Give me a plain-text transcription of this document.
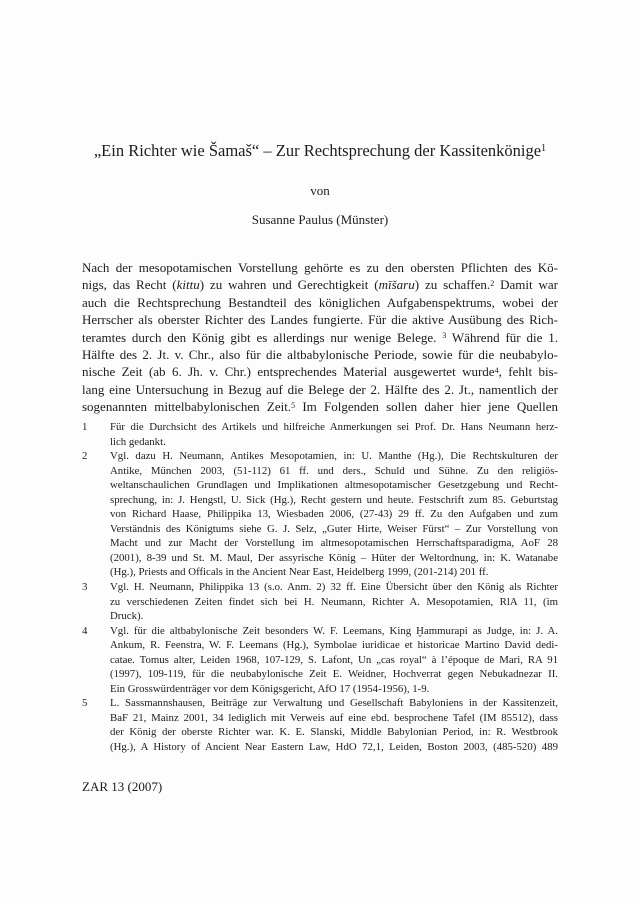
„Ein Richter wie Šamaš“ – Zur Rechtsprechung der Kassitenkönige$^1$
von
Susanne Paulus (Münster)
Nach der mesopotamischen Vorstellung gehörte es zu den obersten Pflichten des Kö-
nigs, das Recht (kittu) zu wahren und Gerechtigkeit (mīšaru) zu schaffen.$^2$ Damit war
auch die Rechtsprechung Bestandteil des königlichen Aufgabenspektrums, wobei der
Herrscher als oberster Richter des Landes fungierte. Für die aktive Ausübung des Rich-
teramtes durch den König gibt es allerdings nur wenige Belege. $^3$ Während für die 1.
Hälfte des 2. Jt. v. Chr., also für die altbabylonische Periode, sowie für die neubabylo-
nische Zeit (ab 6. Jh. v. Chr.) entsprechendes Material ausgewertet wurde$^4$, fehlt bis-
lang eine Untersuchung in Bezug auf die Belege der 2. Hälfte des 2. Jt., namentlich der
sogenannten mittelbabylonischen Zeit.$^5$ Im Folgenden sollen daher hier jene Quellen
1 Für die Durchsicht des Artikels und hilfreiche Anmerkungen sei Prof. Dr. Hans Neumann herz-
lich gedankt.
2 Vgl. dazu H. Neumann, Antikes Mesopotamien, in: U. Manthe (Hg.), Die Rechtskulturen der
Antike, München 2003, (51-112) 61 ff. und ders., Schuld und Sühne. Zu den religiös-
weltanschaulichen Grundlagen und Implikationen altmesopotamischer Gesetzgebung und Recht-
sprechung, in: J. Hengstl, U. Sick (Hg.), Recht gestern und heute. Festschrift zum 85. Geburtstag
von Richard Haase, Philippika 13, Wiesbaden 2006, (27-43) 29 ff. Zu den Aufgaben und zum
Verständnis des Königtums siehe G. J. Selz, „Guter Hirte, Weiser Fürst“ – Zur Vorstellung von
Macht und zur Macht der Vorstellung im altmesopotamischen Herrschaftsparadigma, AoF 28
(2001), 8-39 und St. M. Maul, Der assyrische König – Hüter der Weltordnung, in: K. Watanabe
(Hg.), Priests and Officals in the Ancient Near East, Heidelberg 1999, (201-214) 201 ff.
3 Vgl. H. Neumann, Philippika 13 (s.o. Anm. 2) 32 ff. Eine Übersicht über den König als Richter
zu verschiedenen Zeiten findet sich bei H. Neumann, Richter A. Mesopotamien, RlA 11, (im
Druck).
4 Vgl. für die altbabylonische Zeit besonders W. F. Leemans, King Ḫammurapi as Judge, in: J. A.
Ankum, R. Feenstra, W. F. Leemans (Hg.), Symbolae iuridicae et historicae Martino David dedi-
catae. Tomus alter, Leiden 1968, 107-129, S. Lafont, Un „cas royal“ à l’époque de Mari, RA 91
(1997), 109-119, für die neubabylonische Zeit E. Weidner, Hochverrat gegen Nebukadnezar II.
Ein Grosswürdenträger vor dem Königsgericht, AfO 17 (1954-1956), 1-9.
5 L. Sassmannshausen, Beiträge zur Verwaltung und Gesellschaft Babyloniens in der Kassitenzeit,
BaF 21, Mainz 2001, 34 lediglich mit Verweis auf eine ebd. besprochene Tafel (IM 85512), dass
der König der oberste Richter war. K. E. Slanski, Middle Babylonian Period, in: R. Westbrook
(Hg.), A History of Ancient Near Eastern Law, HdO 72,1, Leiden, Boston 2003, (485-520) 489
ZAR 13 (2007)
